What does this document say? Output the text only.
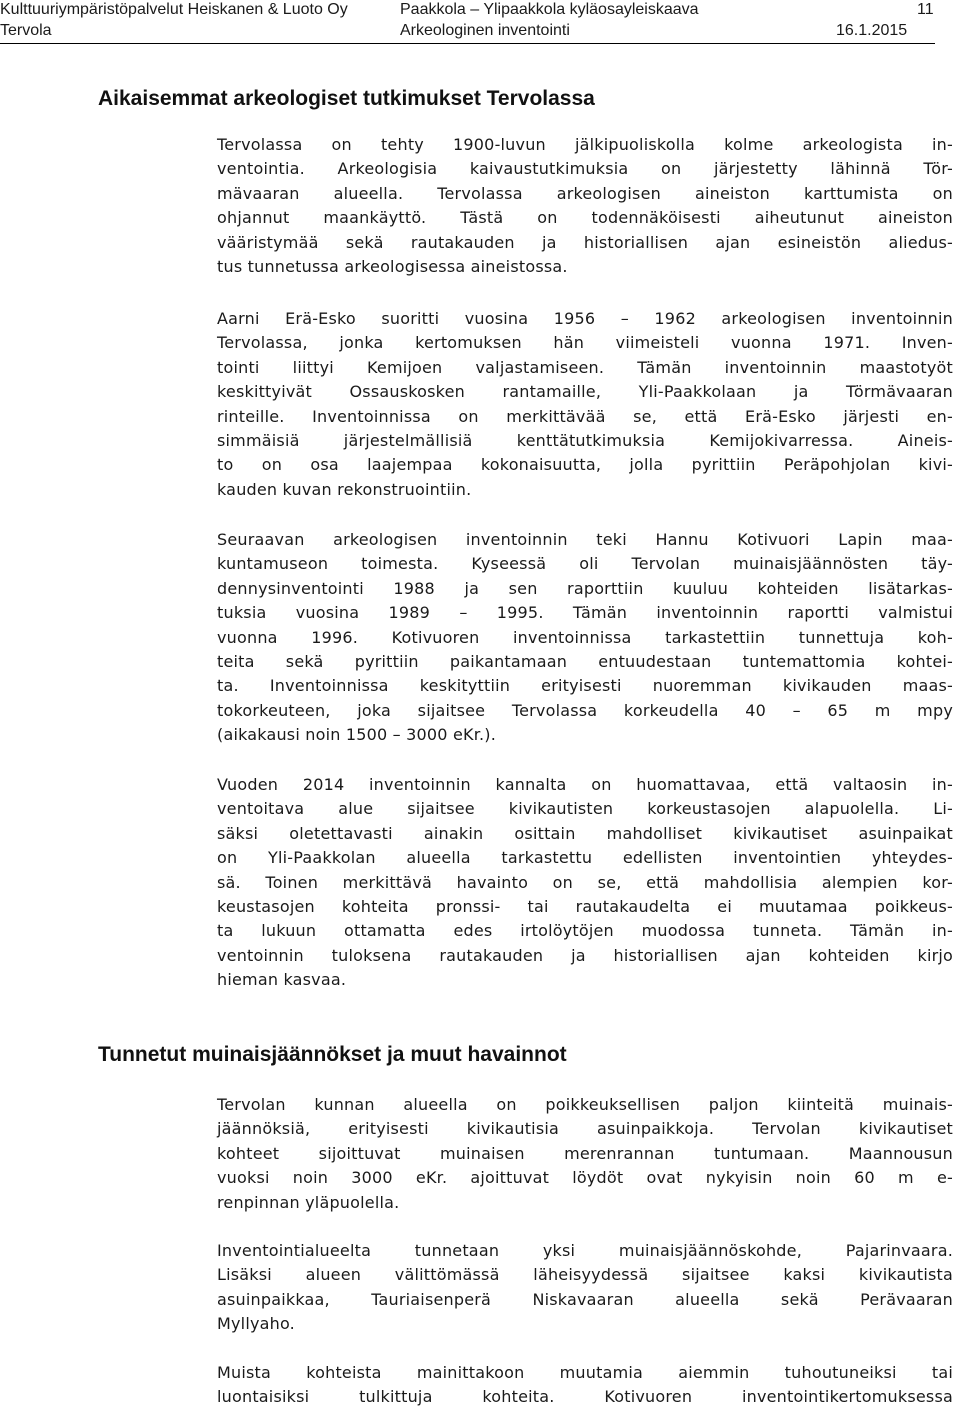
Kulttuuriympäristöpalvelut Heiskanen & Luoto Oy
Tervola
Paakkola – Ylipaakkola kyläosayleiskaava
Arkeologinen inventointi
11
16.1.2015
Aikaisemmat arkeologiset tutkimukset Tervolassa
Tervolassa on tehty 1900-luvun jälkipuoliskolla kolme arkeologista in-
ventointia. Arkeologisia kaivaustutkimuksia on järjestetty lähinnä Tör-
mävaaran alueella. Tervolassa arkeologisen aineiston karttumista on
ohjannut maankäyttö. Tästä on todennäköisesti aiheutunut aineiston
vääristymää sekä rautakauden ja historiallisen ajan esineistön aliedus-
tus tunnetussa arkeologisessa aineistossa.
Aarni Erä-Esko suoritti vuosina 1956 – 1962 arkeologisen inventoinnin
Tervolassa, jonka kertomuksen hän viimeisteli vuonna 1971. Inven-
tointi liittyi Kemijoen valjastamiseen. Tämän inventoinnin maastotyöt
keskittyivät Ossauskosken rantamaille, Yli-Paakkolaan ja Törmävaaran
rinteille. Inventoinnissa on merkittävää se, että Erä-Esko järjesti en-
simmäisiä järjestelmällisiä kenttätutkimuksia Kemijokivarressa. Aineis-
to on osa laajempaa kokonaisuutta, jolla pyrittiin Peräpohjolan kivi-
kauden kuvan rekonstruointiin.
Seuraavan arkeologisen inventoinnin teki Hannu Kotivuori Lapin maa-
kuntamuseon toimesta. Kyseessä oli Tervolan muinaisjäännösten täy-
dennysinventointi 1988 ja sen raporttiin kuuluu kohteiden lisätarkas-
tuksia vuosina 1989 – 1995. Tämän inventoinnin raportti valmistui
vuonna 1996. Kotivuoren inventoinnissa tarkastettiin tunnettuja koh-
teita sekä pyrittiin paikantamaan entuudestaan tuntemattomia kohtei-
ta. Inventoinnissa keskityttiin erityisesti nuoremman kivikauden maas-
tokorkeuteen, joka sijaitsee Tervolassa korkeudella 40 – 65 m mpy
(aikakausi noin 1500 – 3000 eKr.).
Vuoden 2014 inventoinnin kannalta on huomattavaa, että valtaosin in-
ventoitava alue sijaitsee kivikautisten korkeustasojen alapuolella. Li-
säksi oletettavasti ainakin osittain mahdolliset kivikautiset asuinpaikat
on Yli-Paakkolan alueella tarkastettu edellisten inventointien yhteydes-
sä. Toinen merkittävä havainto on se, että mahdollisia alempien kor-
keustasojen kohteita pronssi- tai rautakaudelta ei muutamaa poikkeus-
ta lukuun ottamatta edes irtolöytöjen muodossa tunneta. Tämän in-
ventoinnin tuloksena rautakauden ja historiallisen ajan kohteiden kirjo
hieman kasvaa.
Tunnetut muinaisjäännökset ja muut havainnot
Tervolan kunnan alueella on poikkeuksellisen paljon kiinteitä muinais-
jäännöksiä, erityisesti kivikautisia asuinpaikkoja. Tervolan kivikautiset
kohteet sijoittuvat muinaisen merenrannan tuntumaan. Maannousun
vuoksi noin 3000 eKr. ajoittuvat löydöt ovat nykyisin noin 60 m e-
renpinnan yläpuolella.
Inventointialueelta tunnetaan yksi muinaisjäännöskohde, Pajarinvaara.
Lisäksi alueen välittömässä läheisyydessä sijaitsee kaksi kivikautista
asuinpaikkaa, Tauriaisenperä Niskavaaran alueella sekä Perävaaran
Myllyaho.
Muista kohteista mainittakoon muutamia aiemmin tuhoutuneiksi tai
luontaisiksi tulkittuja kohteita. Kotivuoren inventointikertomuksessa
